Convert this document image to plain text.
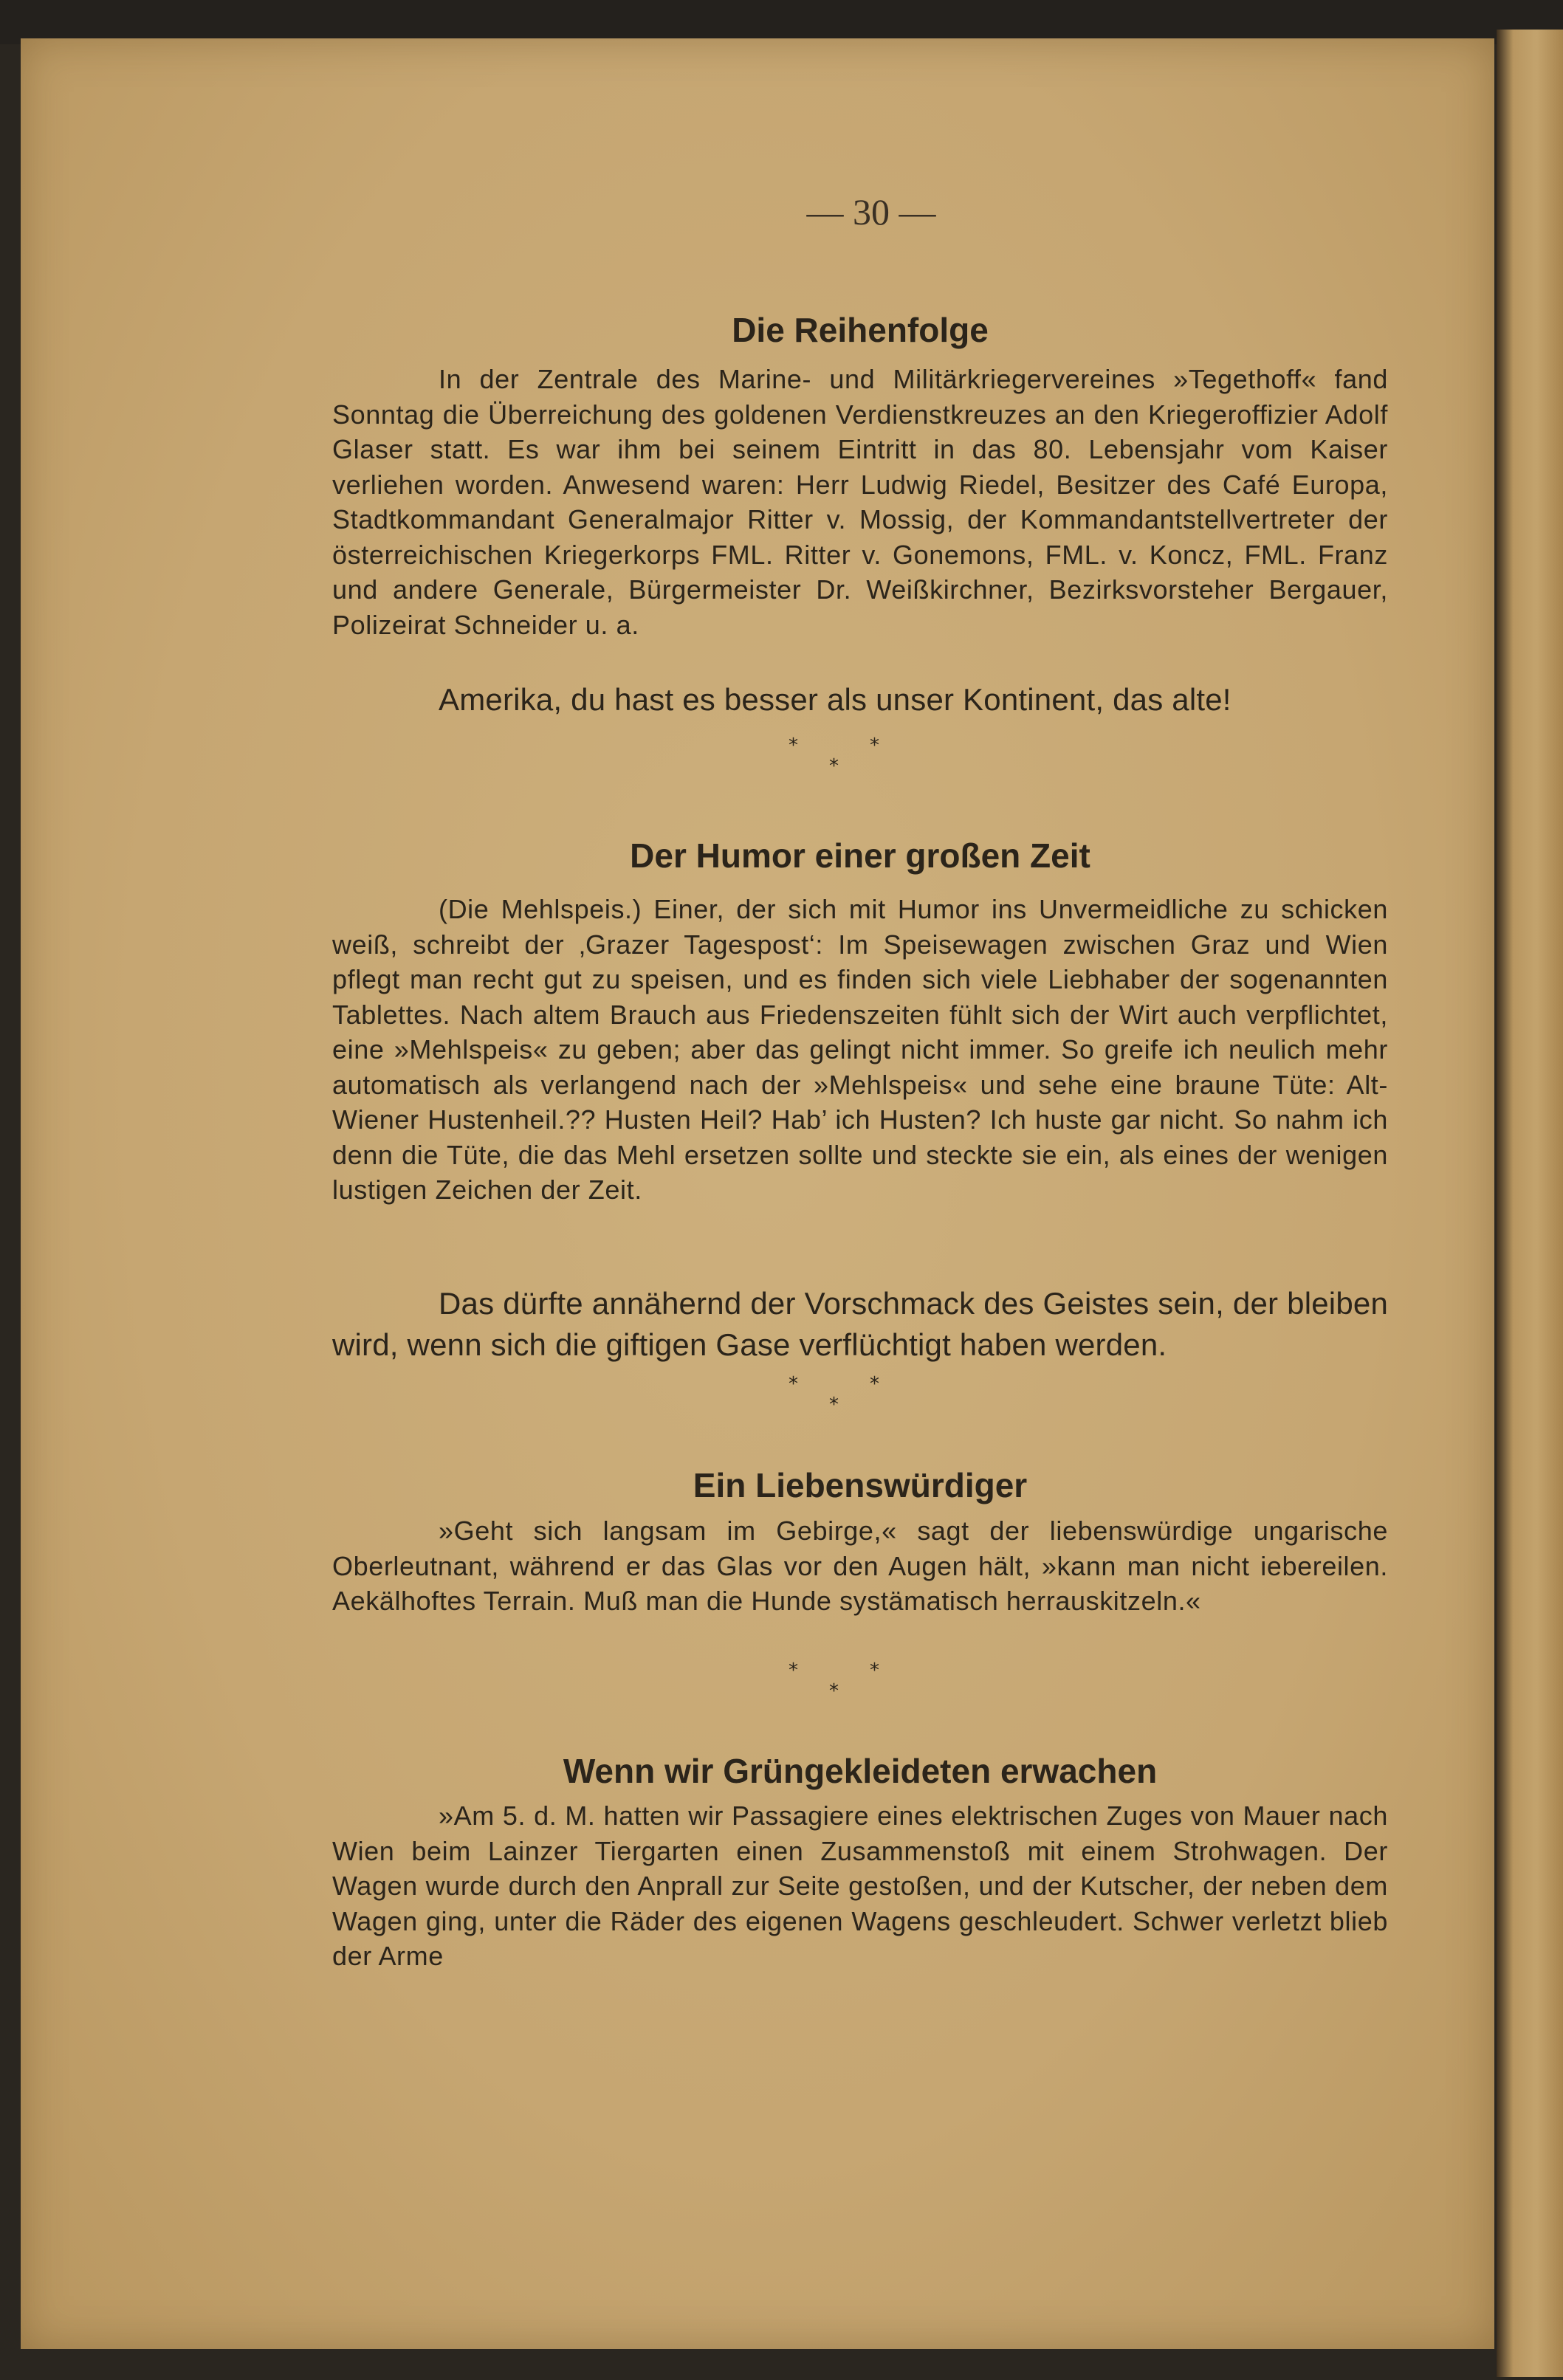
— 30 —
Die Reihenfolge
In der Zentrale des Marine- und Militärkriegervereines »Tegethoff« fand Sonntag die Überreichung des goldenen Verdienstkreuzes an den Kriegeroffizier Adolf Glaser statt. Es war ihm bei seinem Eintritt in das 80. Lebensjahr vom Kaiser verliehen worden. Anwesend waren: Herr Ludwig Riedel, Besitzer des Café Europa, Stadtkommandant Generalmajor Ritter v. Mossig, der Kommandantstellvertreter der österreichischen Kriegerkorps FML. Ritter v. Gonemons, FML. v. Koncz, FML. Franz und andere Generale, Bürgermeister Dr. Weißkirchner, Bezirksvorsteher Bergauer, Polizeirat Schneider u. a.
Amerika, du hast es besser als unser Kontinent, das alte!
*	*
*
Der Humor einer großen Zeit
(Die Mehlspeis.) Einer, der sich mit Humor ins Unvermeidliche zu schicken weiß, schreibt der ‚Grazer Tagespost‘: Im Speisewagen zwischen Graz und Wien pflegt man recht gut zu speisen, und es finden sich viele Liebhaber der sogenannten Tablettes. Nach altem Brauch aus Friedenszeiten fühlt sich der Wirt auch verpflichtet, eine »Mehlspeis« zu geben; aber das gelingt nicht immer. So greife ich neulich mehr automatisch als verlangend nach der »Mehlspeis« und sehe eine braune Tüte: Alt-Wiener Hustenheil.?? Husten Heil? Hab’ ich Husten? Ich huste gar nicht. So nahm ich denn die Tüte, die das Mehl ersetzen sollte und steckte sie ein, als eines der wenigen lustigen Zeichen der Zeit.
Das dürfte annähernd der Vorschmack des Geistes sein, der bleiben wird, wenn sich die giftigen Gase verflüchtigt haben werden.
*	*
*
Ein Liebenswürdiger
»Geht sich langsam im Gebirge,« sagt der liebenswürdige ungarische Oberleutnant, während er das Glas vor den Augen hält, »kann man nicht iebereilen. Aekälhoftes Terrain. Muß man die Hunde systämatisch herrauskitzeln.«
*	*
*
Wenn wir Grüngekleideten erwachen
»Am 5. d. M. hatten wir Passagiere eines elektrischen Zuges von Mauer nach Wien beim Lainzer Tiergarten einen Zusammenstoß mit einem Strohwagen. Der Wagen wurde durch den Anprall zur Seite gestoßen, und der Kutscher, der neben dem Wagen ging, unter die Räder des eigenen Wagens geschleudert. Schwer verletzt blieb der Arme
